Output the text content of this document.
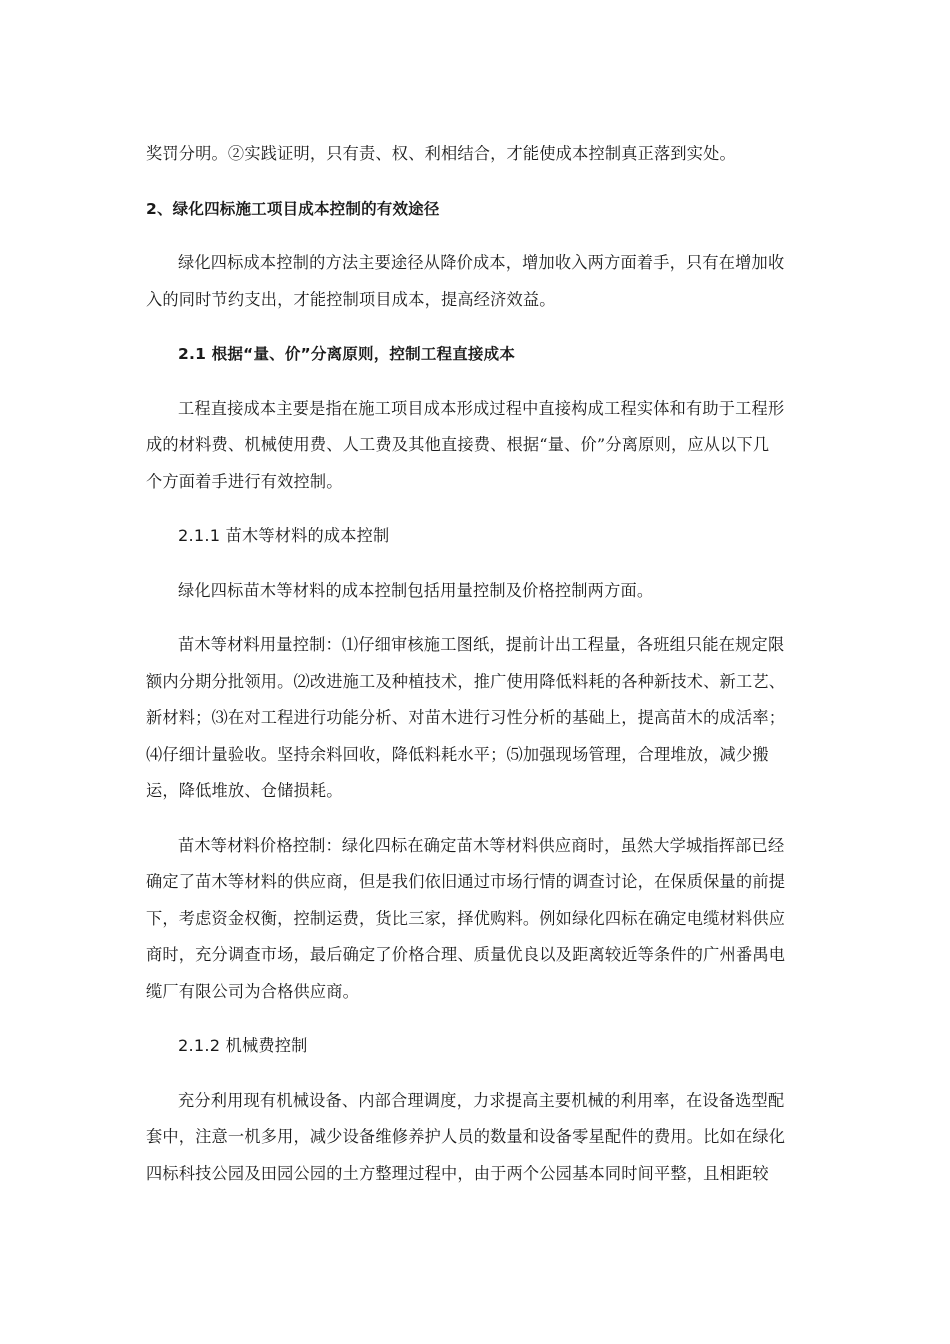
奖罚分明。②实践证明，只有责、权、利相结合，才能使成本控制真正落到实处。
2、绿化四标施工项目成本控制的有效途径
绿化四标成本控制的方法主要途径从降价成本，增加收入两方面着手，只有在增加收
入的同时节约支出，才能控制项目成本，提高经济效益。
2.1 根据“量、价”分离原则，控制工程直接成本
工程直接成本主要是指在施工项目成本形成过程中直接构成工程实体和有助于工程形
成的材料费、机械使用费、人工费及其他直接费、根据“量、价”分离原则，应从以下几
个方面着手进行有效控制。
2.1.1 苗木等材料的成本控制
绿化四标苗木等材料的成本控制包括用量控制及价格控制两方面。
苗木等材料用量控制：⑴仔细审核施工图纸，提前计出工程量，各班组只能在规定限
额内分期分批领用。⑵改进施工及种植技术，推广使用降低料耗的各种新技术、新工艺、
新材料；⑶在对工程进行功能分析、对苗木进行习性分析的基础上，提高苗木的成活率；
⑷仔细计量验收。坚持余料回收，降低料耗水平；⑸加强现场管理，合理堆放，减少搬
运，降低堆放、仓储损耗。
苗木等材料价格控制：绿化四标在确定苗木等材料供应商时，虽然大学城指挥部已经
确定了苗木等材料的供应商，但是我们依旧通过市场行情的调查讨论，在保质保量的前提
下，考虑资金权衡，控制运费，货比三家，择优购料。例如绿化四标在确定电缆材料供应
商时，充分调查市场，最后确定了价格合理、质量优良以及距离较近等条件的广州番禺电
缆厂有限公司为合格供应商。
2.1.2 机械费控制
充分利用现有机械设备、内部合理调度，力求提高主要机械的利用率，在设备选型配
套中，注意一机多用，减少设备维修养护人员的数量和设备零星配件的费用。比如在绿化
四标科技公园及田园公园的土方整理过程中，由于两个公园基本同时间平整，且相距较
